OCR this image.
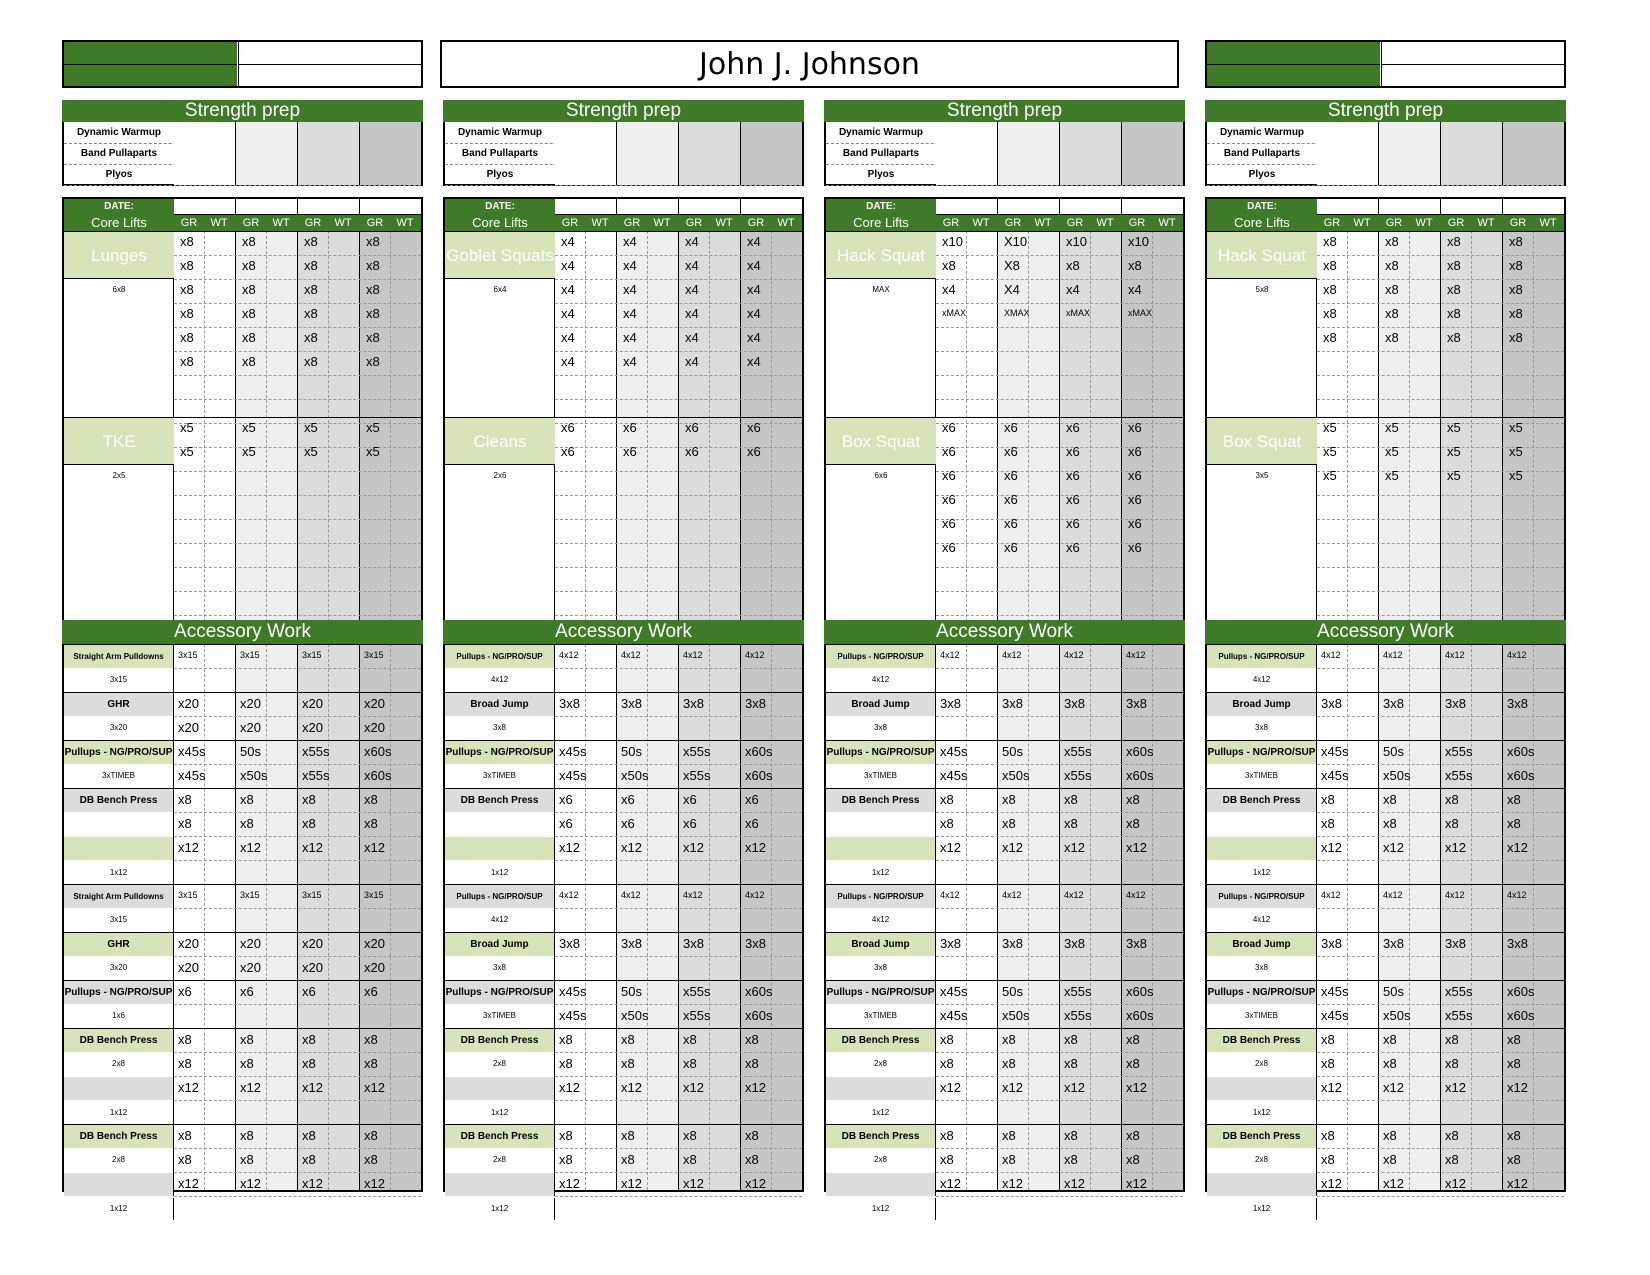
John J. Johnson
Strength prep
Dynamic Warmup
Band Pullaparts
Plyos
DATE:
Core Lifts	GR	WT	GR	WT	GR	WT	GR	WT
Lunges
6x8
x8	x8	x8	x8
x8	x8	x8	x8
x8	x8	x8	x8
x8	x8	x8	x8
x8	x8	x8	x8
x8	x8	x8	x8
TKE
2x5
x5	x5	x5	x5
x5	x5	x5	x5
Accessory Work
Straight Arm Pulldowns
3x15
3x15	3x15	3x15	3x15
GHR
3x20
x20	x20	x20	x20
x20	x20	x20	x20
Pullups - NG/PRO/SUP
3xTIMEB
x45s	50s	x55s	x60s
x45s	x50s	x55s	x60s
DB Bench Press
1x12
x8	x8	x8	x8
x8	x8	x8	x8
x12	x12	x12	x12
Straight Arm Pulldowns
3x15
3x15	3x15	3x15	3x15
GHR
3x20
x20	x20	x20	x20
x20	x20	x20	x20
Pullups - NG/PRO/SUP
1x6
x6	x6	x6	x6
DB Bench Press
1x12
2x8
x8	x8	x8	x8
x8	x8	x8	x8
x12	x12	x12	x12
DB Bench Press
1x12
2x8
x8	x8	x8	x8
x8	x8	x8	x8
x12	x12	x12	x12
Strength prep
Dynamic Warmup
Band Pullaparts
Plyos
DATE:
Core Lifts	GR	WT	GR	WT	GR	WT	GR	WT
Goblet Squats
6x4
x4	x4	x4	x4
x4	x4	x4	x4
x4	x4	x4	x4
x4	x4	x4	x4
x4	x4	x4	x4
x4	x4	x4	x4
Cleans
2x6
x6	x6	x6	x6
x6	x6	x6	x6
Accessory Work
Pullups - NG/PRO/SUP
4x12
4x12	4x12	4x12	4x12
Broad Jump
3x8
3x8	3x8	3x8	3x8
Pullups - NG/PRO/SUP
3xTIMEB
x45s	50s	x55s	x60s
x45s	x50s	x55s	x60s
DB Bench Press
1x12
x6	x6	x6	x6
x6	x6	x6	x6
x12	x12	x12	x12
Pullups - NG/PRO/SUP
4x12
4x12	4x12	4x12	4x12
Broad Jump
3x8
3x8	3x8	3x8	3x8
Pullups - NG/PRO/SUP
3xTIMEB
x45s	50s	x55s	x60s
x45s	x50s	x55s	x60s
DB Bench Press
1x12
2x8
x8	x8	x8	x8
x8	x8	x8	x8
x12	x12	x12	x12
DB Bench Press
1x12
2x8
x8	x8	x8	x8
x8	x8	x8	x8
x12	x12	x12	x12
Strength prep
Dynamic Warmup
Band Pullaparts
Plyos
DATE:
Core Lifts	GR	WT	GR	WT	GR	WT	GR	WT
Hack Squat
MAX
x10	X10	x10	x10
x8	X8	x8	x8
x4	X4	x4	x4
xMAX	XMAX	xMAX	xMAX
Box Squat
6x6
x6	x6	x6	x6
x6	x6	x6	x6
x6	x6	x6	x6
x6	x6	x6	x6
x6	x6	x6	x6
x6	x6	x6	x6
Accessory Work
Pullups - NG/PRO/SUP
4x12
4x12	4x12	4x12	4x12
Broad Jump
3x8
3x8	3x8	3x8	3x8
Pullups - NG/PRO/SUP
3xTIMEB
x45s	50s	x55s	x60s
x45s	x50s	x55s	x60s
DB Bench Press
1x12
x8	x8	x8	x8
x8	x8	x8	x8
x12	x12	x12	x12
Pullups - NG/PRO/SUP
4x12
4x12	4x12	4x12	4x12
Broad Jump
3x8
3x8	3x8	3x8	3x8
Pullups - NG/PRO/SUP
3xTIMEB
x45s	50s	x55s	x60s
x45s	x50s	x55s	x60s
DB Bench Press
1x12
2x8
x8	x8	x8	x8
x8	x8	x8	x8
x12	x12	x12	x12
DB Bench Press
1x12
2x8
x8	x8	x8	x8
x8	x8	x8	x8
x12	x12	x12	x12
Strength prep
Dynamic Warmup
Band Pullaparts
Plyos
DATE:
Core Lifts	GR	WT	GR	WT	GR	WT	GR	WT
Hack Squat
5x8
x8	x8	x8	x8
x8	x8	x8	x8
x8	x8	x8	x8
x8	x8	x8	x8
x8	x8	x8	x8
Box Squat
3x5
x5	x5	x5	x5
x5	x5	x5	x5
x5	x5	x5	x5
Accessory Work
Pullups - NG/PRO/SUP
4x12
4x12	4x12	4x12	4x12
Broad Jump
3x8
3x8	3x8	3x8	3x8
Pullups - NG/PRO/SUP
3xTIMEB
x45s	50s	x55s	x60s
x45s	x50s	x55s	x60s
DB Bench Press
1x12
x8	x8	x8	x8
x8	x8	x8	x8
x12	x12	x12	x12
Pullups - NG/PRO/SUP
4x12
4x12	4x12	4x12	4x12
Broad Jump
3x8
3x8	3x8	3x8	3x8
Pullups - NG/PRO/SUP
3xTIMEB
x45s	50s	x55s	x60s
x45s	x50s	x55s	x60s
DB Bench Press
1x12
2x8
x8	x8	x8	x8
x8	x8	x8	x8
x12	x12	x12	x12
DB Bench Press
1x12
2x8
x8	x8	x8	x8
x8	x8	x8	x8
x12	x12	x12	x12
